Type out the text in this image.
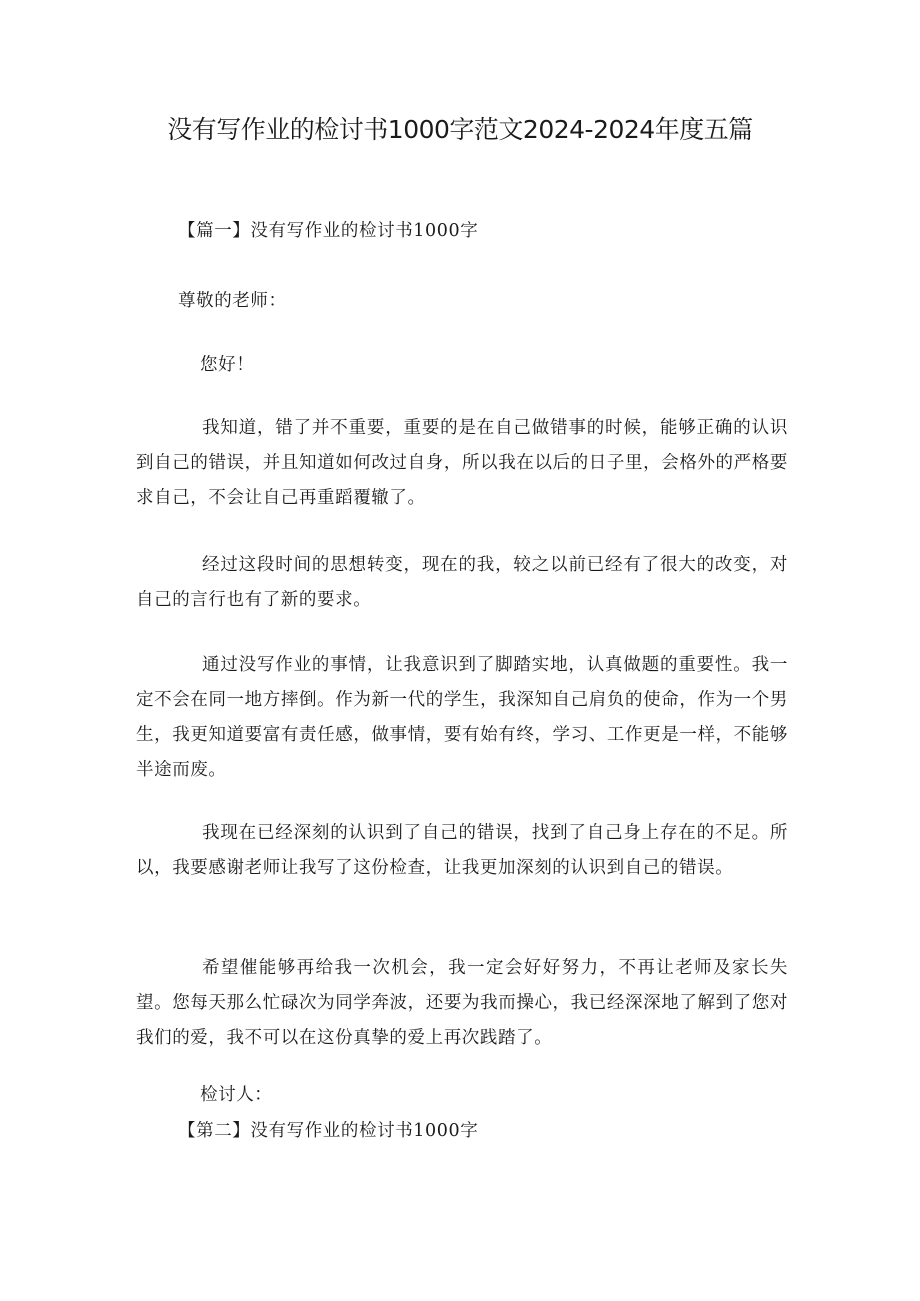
没有写作业的检讨书1000字范文2024-2024年度五篇

【篇一】没有写作业的检讨书1000字

尊敬的老师：

您好！

我知道，错了并不重要，重要的是在自己做错事的时候，能够正确的认识到自己的错误，并且知道如何改过自身，所以我在以后的日子里，会格外的严格要求自己，不会让自己再重蹈覆辙了。

经过这段时间的思想转变，现在的我，较之以前已经有了很大的改变，对自己的言行也有了新的要求。

通过没写作业的事情，让我意识到了脚踏实地，认真做题的重要性。我一定不会在同一地方摔倒。作为新一代的学生，我深知自己肩负的使命，作为一个男生，我更知道要富有责任感，做事情，要有始有终，学习、工作更是一样，不能够半途而废。

我现在已经深刻的认识到了自己的错误，找到了自己身上存在的不足。所以，我要感谢老师让我写了这份检查，让我更加深刻的认识到自己的错误。

希望催能够再给我一次机会，我一定会好好努力，不再让老师及家长失望。您每天那么忙碌次为同学奔波，还要为我而操心，我已经深深地了解到了您对我们的爱，我不可以在这份真挚的爱上再次践踏了。

检讨人：

【第二】没有写作业的检讨书1000字
